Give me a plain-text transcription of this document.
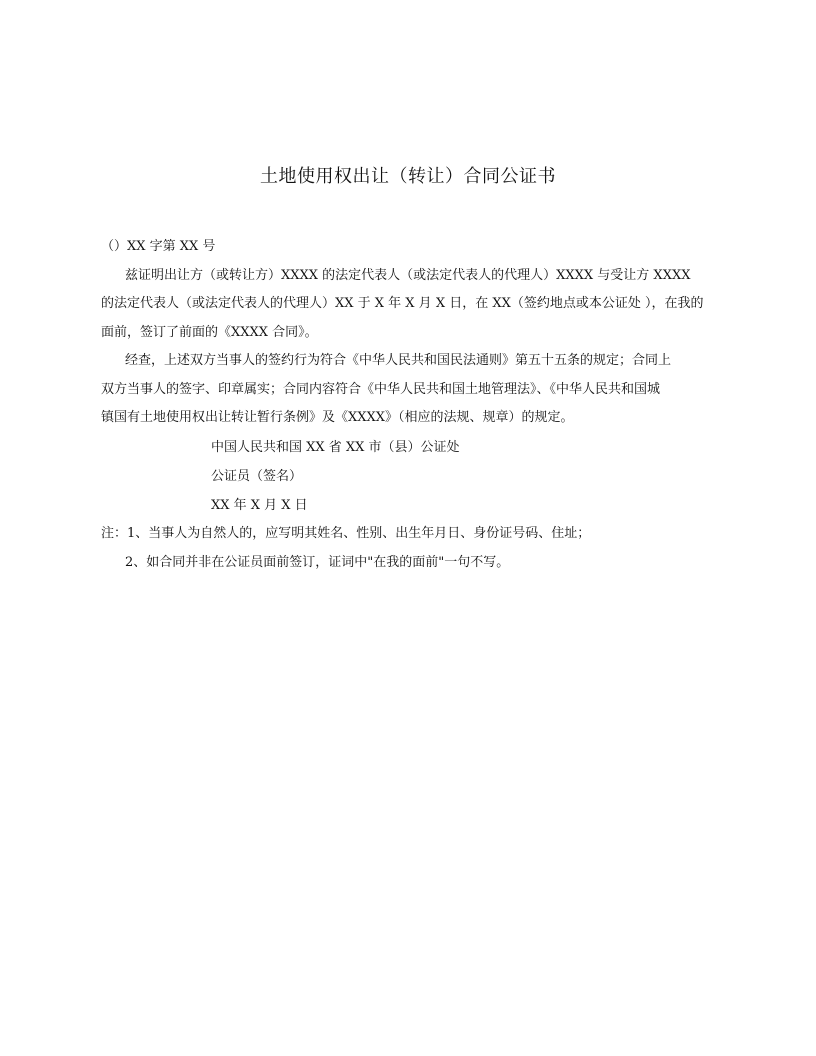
土地使用权出让（转让）合同公证书
（）XX 字第 XX 号
兹证明出让方（或转让方）XXXX 的法定代表人（或法定代表人的代理人）XXXX 与受让方 XXXX
的法定代表人（或法定代表人的代理人）XX 于 X 年 X 月 X 日，在 XX（签约地点或本公证处 ），在我的
面前，签订了前面的《XXXX 合同》。
经查，上述双方当事人的签约行为符合《中华人民共和国民法通则》第五十五条的规定；合同上
双方当事人的签字、印章属实；合同内容符合《中华人民共和国土地管理法》、《中华人民共和国城
镇国有土地使用权出让转让暂行条例》及《XXXX》（相应的法规、规章）的规定。
中国人民共和国 XX 省 XX 市（县）公证处
公证员（签名）
XX 年 X 月 X 日
注：1、当事人为自然人的，应写明其姓名、性别、出生年月日、身份证号码、住址；
2、如合同并非在公证员面前签订，证词中"在我的面前"一句不写。
